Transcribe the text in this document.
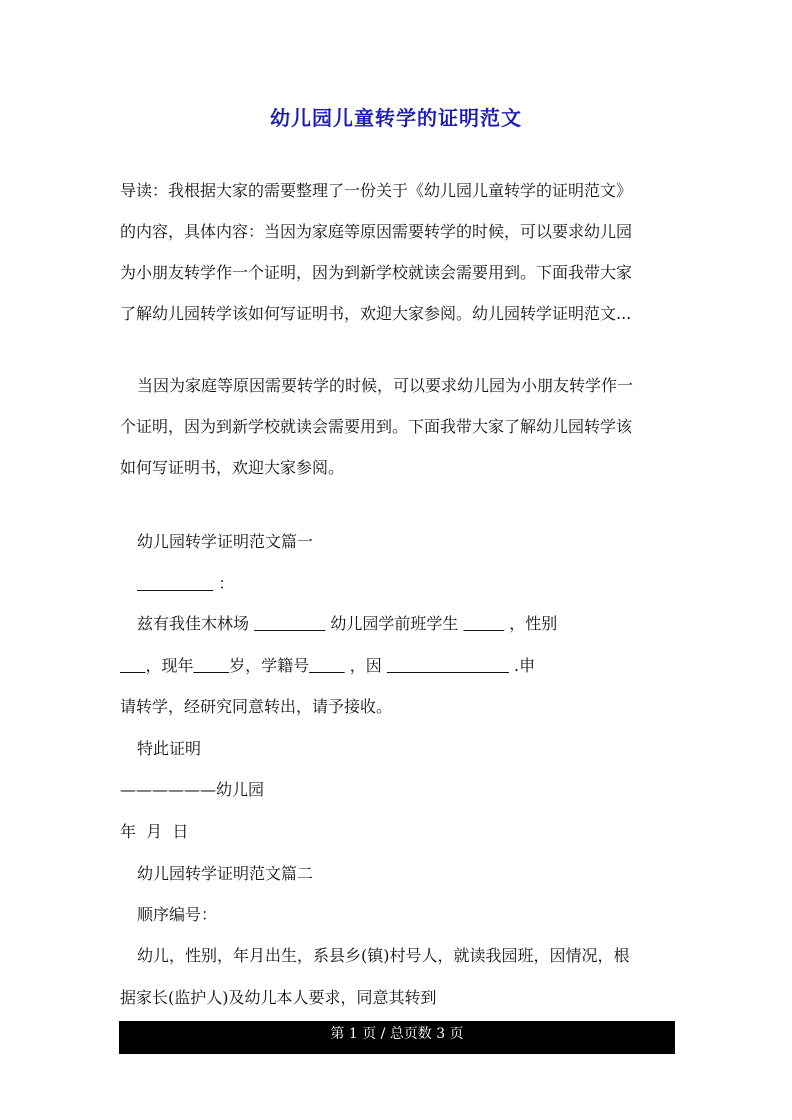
幼儿园儿童转学的证明范文
导读：我根据大家的需要整理了一份关于《幼儿园儿童转学的证明范文》
的内容，具体内容：当因为家庭等原因需要转学的时候，可以要求幼儿园
为小朋友转学作一个证明，因为到新学校就读会需要用到。下面我带大家
了解幼儿园转学该如何写证明书，欢迎大家参阅。幼儿园转学证明范文...
当因为家庭等原因需要转学的时候，可以要求幼儿园为小朋友转学作一
个证明，因为到新学校就读会需要用到。下面我带大家了解幼儿园转学该
如何写证明书，欢迎大家参阅。
幼儿园转学证明范文篇一
：
兹有我佳木林场	幼儿园学前班学生	，性别
，现年 岁，学籍号	，因	.申
请转学，经研究同意转出，请予接收。
特此证明
——————幼儿园
年  月  日
幼儿园转学证明范文篇二
顺序编号：
幼儿，性别，年月出生，系县乡(镇)村号人，就读我园班，因情况，根
据家长(监护人)及幼儿本人要求，同意其转到
第 1 页 / 总页数 3 页
